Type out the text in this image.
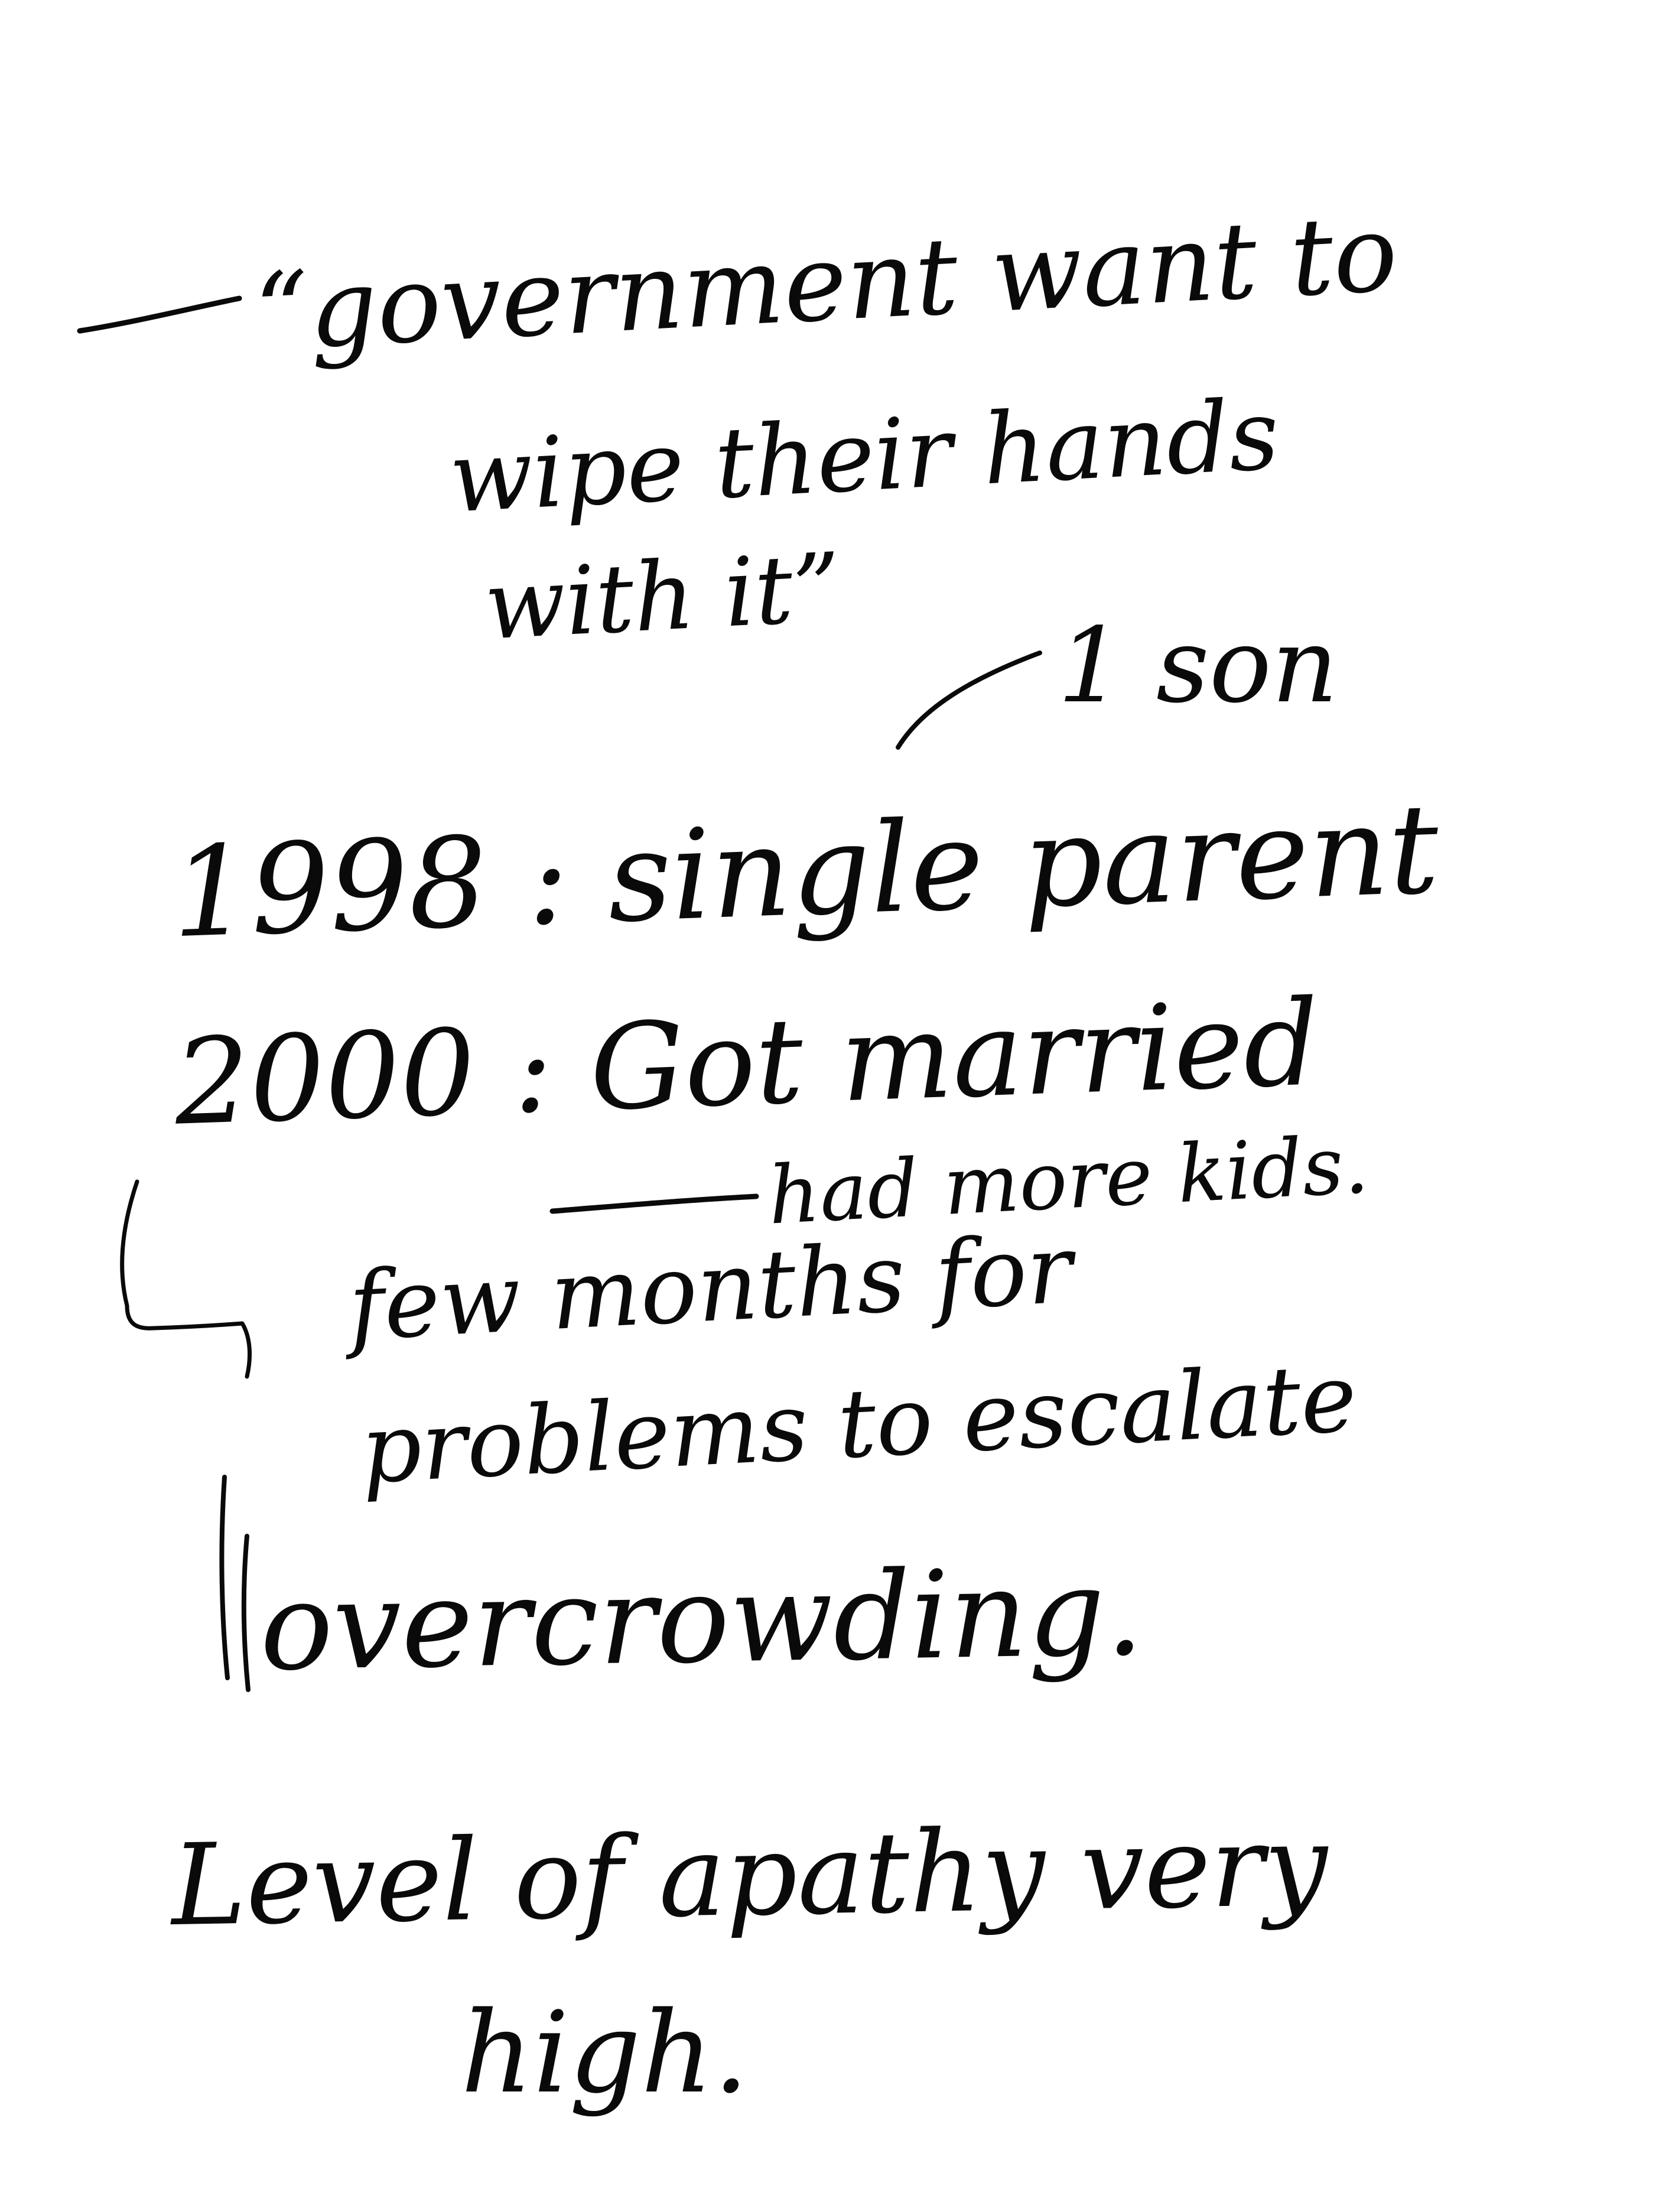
“government want to
wipe their hands
with it”
1 son
1998 : single parent
2000 : Got married
had more kids.
few months for
problems to escalate
overcrowding.
Level of apathy very
high.
